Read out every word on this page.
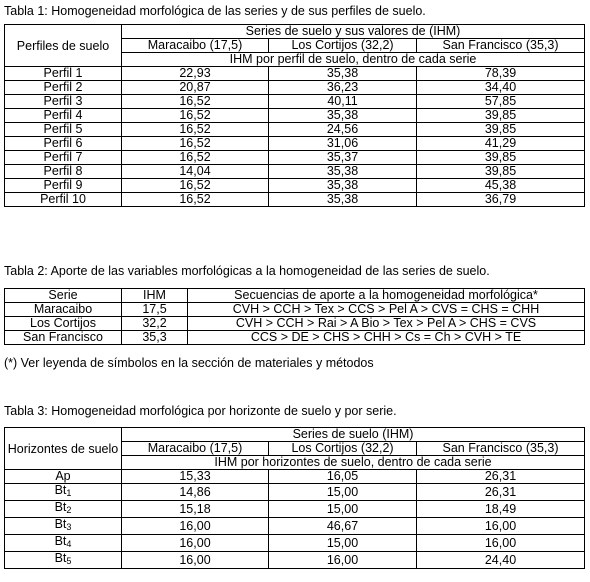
Tabla 1: Homogeneidad morfológica de las series y de sus perfiles de suelo.
Perfiles de suelo	Series de suelo y sus valores de (IHM)		
	Maracaibo (17,5)	Los Cortijos (32,2)	San Francisco (35,3)
	IHM por perfil de suelo, dentro de cada serie		
Perfil 1	22,93	35,38	78,39
Perfil 2	20,87	36,23	34,40
Perfil 3	16,52	40,11	57,85
Perfil 4	16,52	35,38	39,85
Perfil 5	16,52	24,56	39,85
Perfil 6	16,52	31,06	41,29
Perfil 7	16,52	35,37	39,85
Perfil 8	14,04	35,38	39,85
Perfil 9	16,52	35,38	45,38
Perfil 10	16,52	35,38	36,79
Tabla 2: Aporte de las variables morfológicas a la homogeneidad de las series de suelo.
Serie	IHM	Secuencias de aporte a la homogeneidad morfológica*
Maracaibo	17,5	CVH > CCH > Tex > CCS > Pel A > CVS = CHS = CHH
Los Cortijos	32,2	CVH > CCH > Rai > A Bio > Tex > Pel A > CHS = CVS
San Francisco	35,3	CCS > DE > CHS > CHH > Cs = Ch > CVH > TE
(*) Ver leyenda de símbolos en la sección de materiales y métodos
Tabla 3: Homogeneidad morfológica por horizonte de suelo y por serie.
Horizontes de suelo	Series de suelo (IHM)		
	Maracaibo (17,5)	Los Cortijos (32,2)	San Francisco (35,3)
	IHM por horizontes de suelo, dentro de cada serie		
Ap	15,33	16,05	26,31
$Bt_1$	14,86	15,00	26,31
$Bt_2$	15,18	15,00	18,49
$Bt_3$	16,00	46,67	16,00
$Bt_4$	16,00	15,00	16,00
$Bt_5$	16,00	16,00	24,40
